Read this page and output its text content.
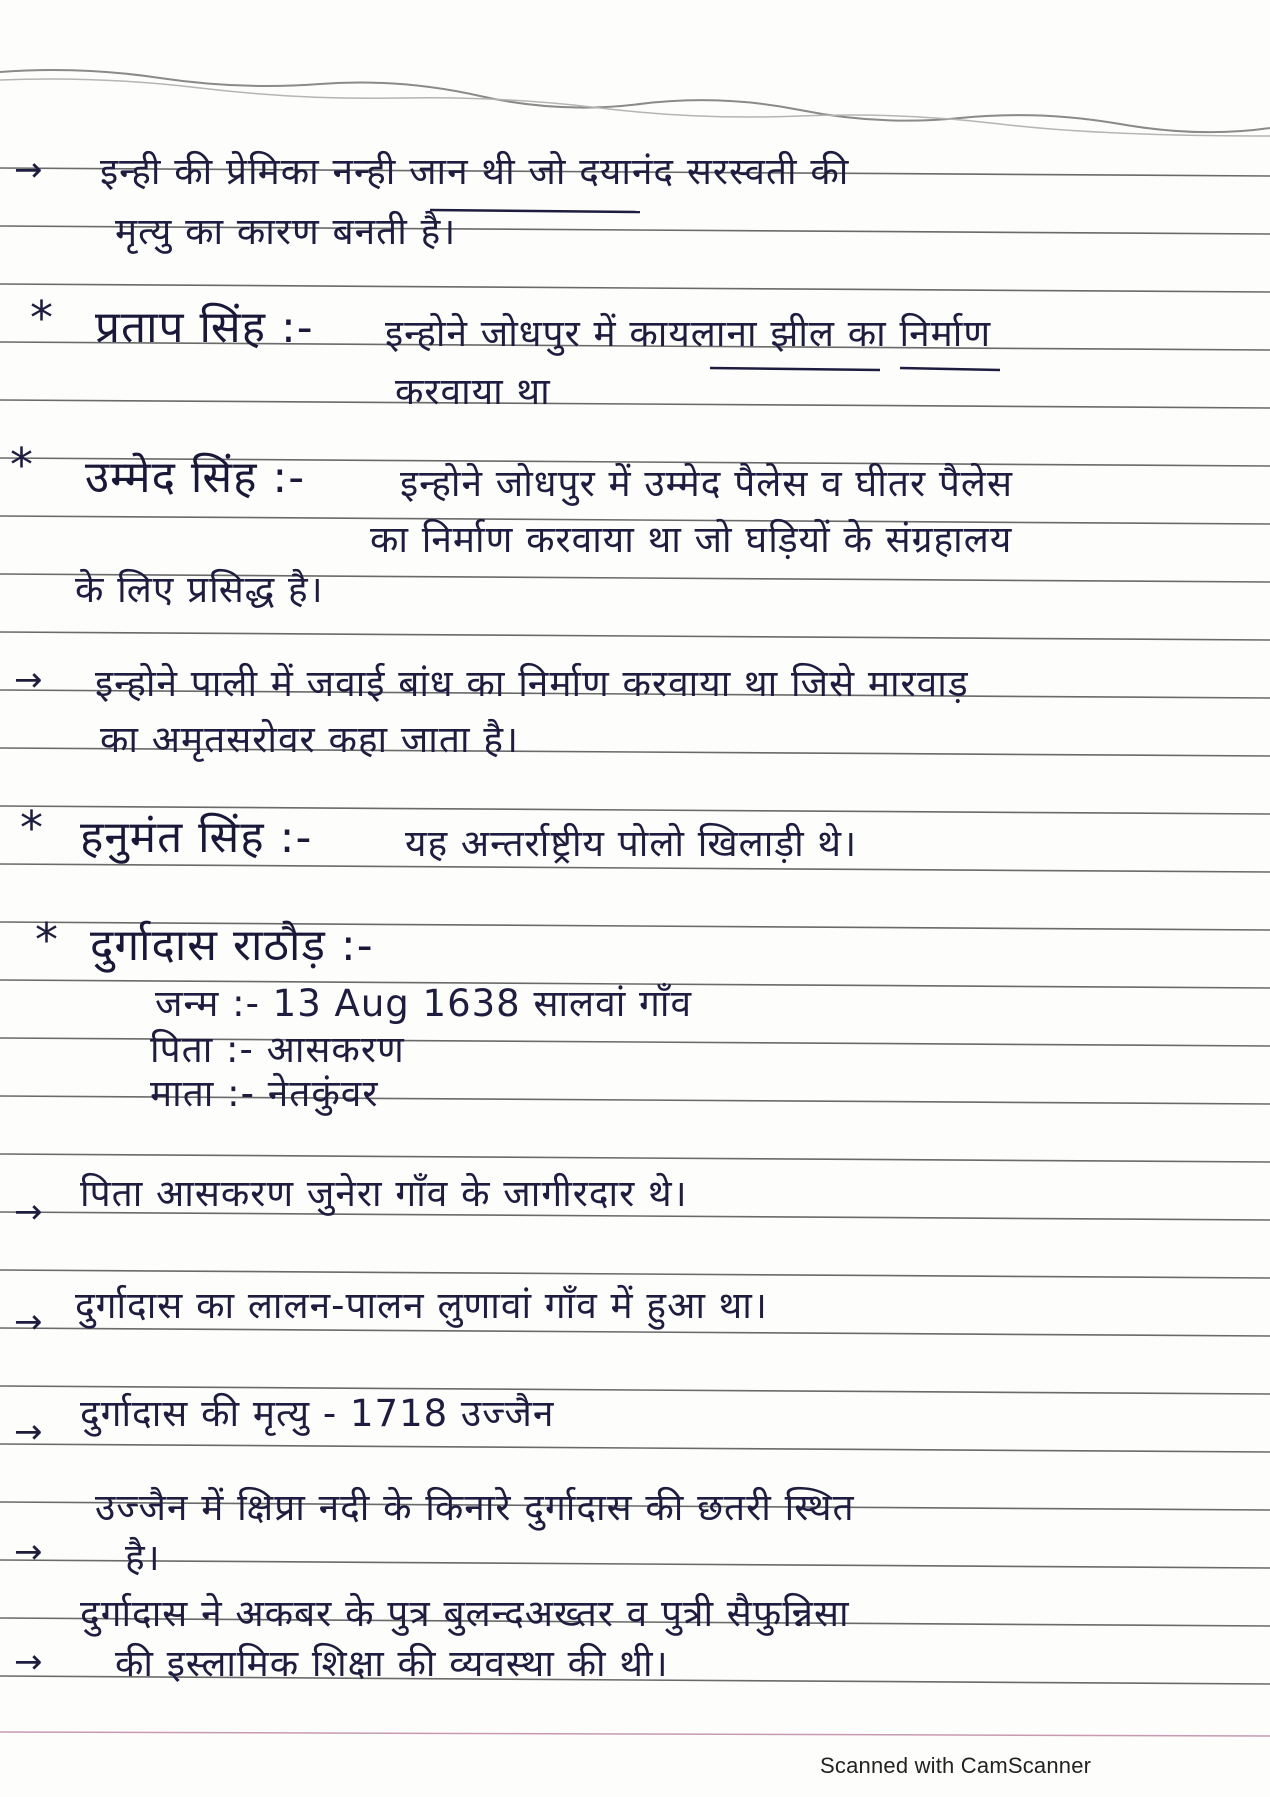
→ इन्ही की प्रेमिका नन्ही जान थी जो दयानंद सरस्वती की
मृत्यु का कारण बनती है।
* प्रताप सिंह :- इन्होने जोधपुर में कायलाना झील का निर्माण
करवाया था
* उम्मेद सिंह :-	इन्होने जोधपुर में उम्मेद पैलेस व घीतर पैलेस
का निर्माण करवाया था जो घड़ियों के संग्रहालय
के लिए प्रसिद्ध है।
→ इन्होने पाली में जवाई बांध का निर्माण करवाया था जिसे मारवाड़
का अमृतसरोवर कहा जाता है।
* हनुमंत सिंह :-	यह अन्तर्राष्ट्रीय पोलो खिलाड़ी थे।
* दुर्गादास राठौड़ :-
जन्म :- 13 Aug 1638 सालवां गाँव
पिता :- आसकरण
माता :- नेतकुंवर
→ पिता आसकरण जुनेरा गाँव के जागीरदार थे।
→ दुर्गादास का लालन-पालन लुणावां गाँव में हुआ था।
→ दुर्गादास की मृत्यु - 1718 उज्जैन
→
उज्जैन में क्षिप्रा नदी के किनारे दुर्गादास की छतरी स्थित
है।
→
दुर्गादास ने अकबर के पुत्र बुलन्दअख्तर व पुत्री सैफुन्निसा
की इस्लामिक शिक्षा की व्यवस्था की थी।
Scanned with CamScanner
